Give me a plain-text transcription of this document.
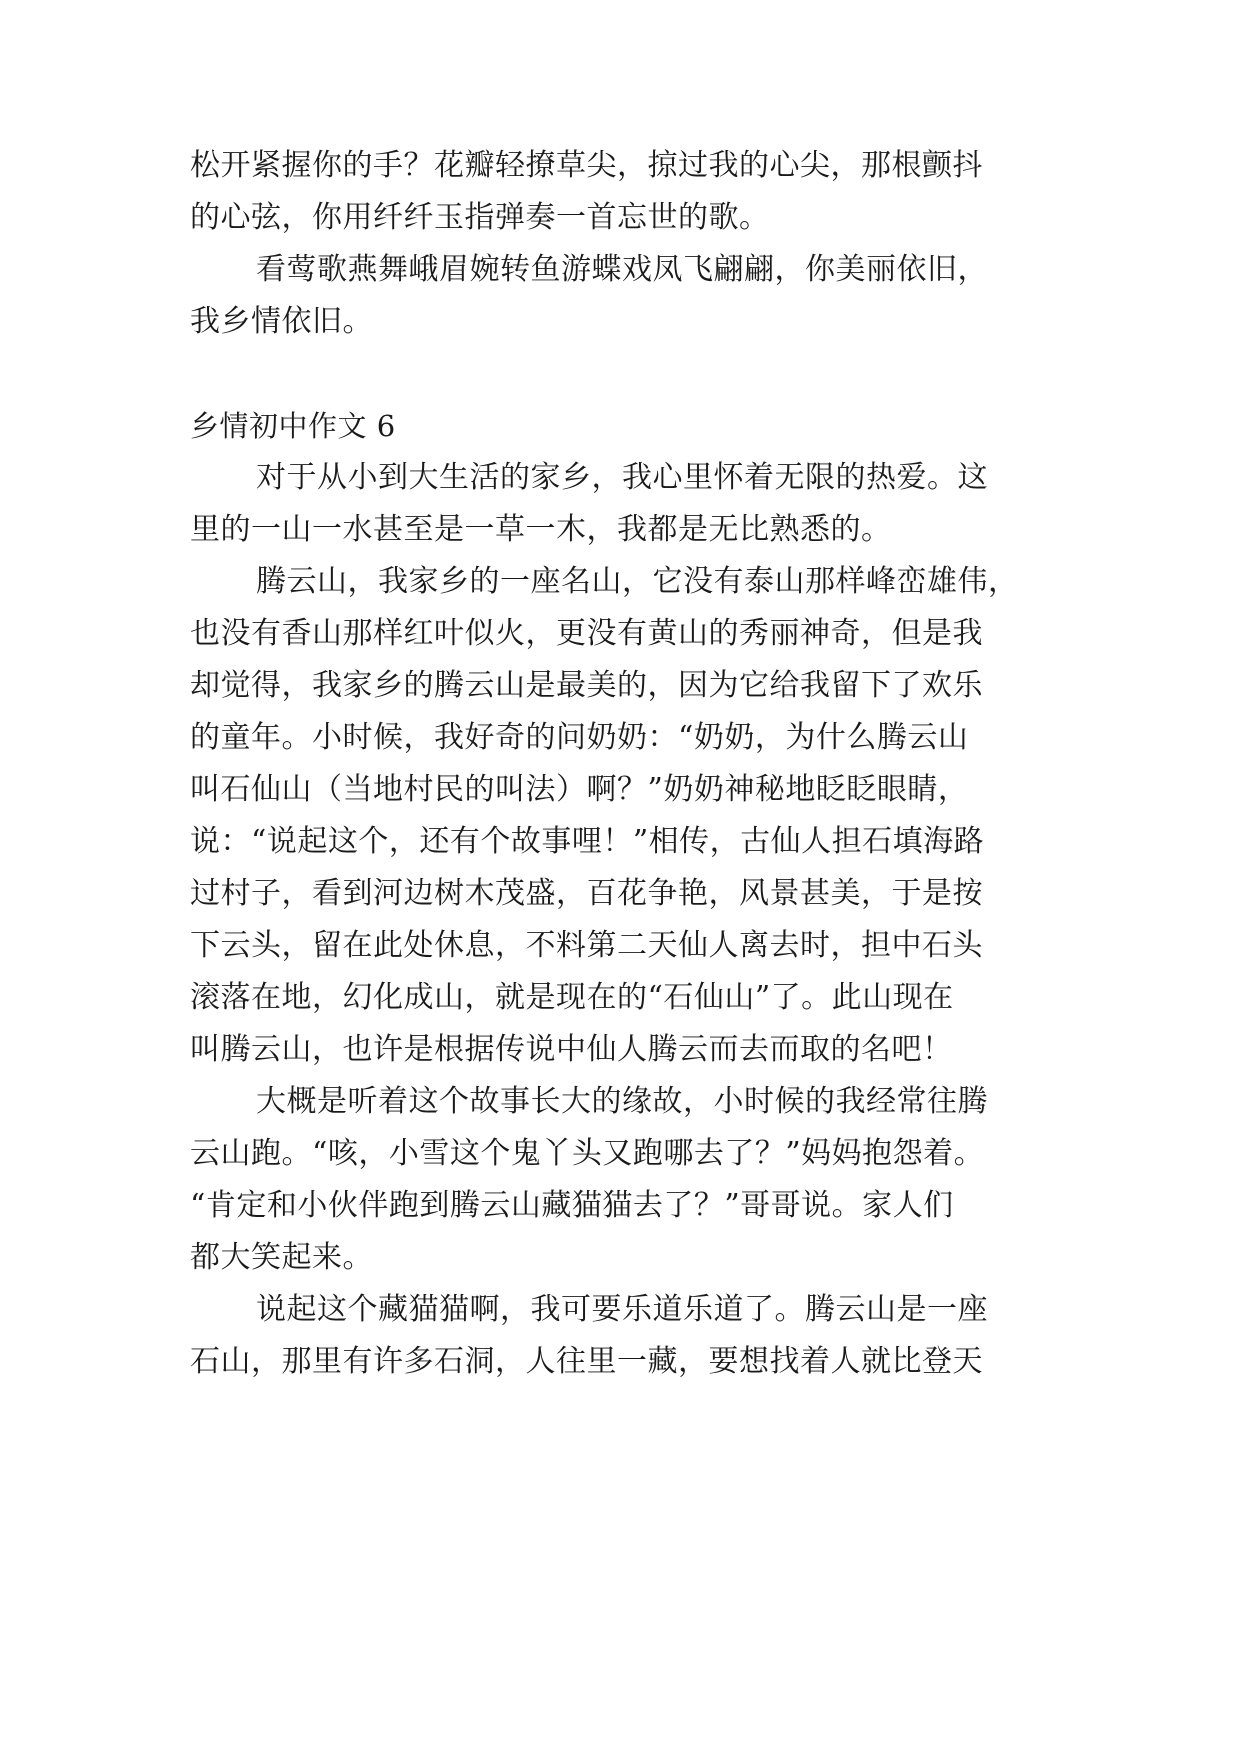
松开紧握你的手？花瓣轻撩草尖，掠过我的心尖，那根颤抖
的心弦，你用纤纤玉指弹奏一首忘世的歌。
看莺歌燕舞峨眉婉转鱼游蝶戏凤飞翩翩，你美丽依旧，
我乡情依旧。
乡情初中作文 6
对于从小到大生活的家乡，我心里怀着无限的热爱。这
里的一山一水甚至是一草一木，我都是无比熟悉的。
腾云山，我家乡的一座名山，它没有泰山那样峰峦雄伟，
也没有香山那样红叶似火，更没有黄山的秀丽神奇，但是我
却觉得，我家乡的腾云山是最美的，因为它给我留下了欢乐
的童年。小时候，我好奇的问奶奶：“奶奶，为什么腾云山
叫石仙山（当地村民的叫法）啊？”奶奶神秘地眨眨眼睛，
说：“说起这个，还有个故事哩！”相传，古仙人担石填海路
过村子，看到河边树木茂盛，百花争艳，风景甚美，于是按
下云头，留在此处休息，不料第二天仙人离去时，担中石头
滚落在地，幻化成山，就是现在的“石仙山”了。此山现在
叫腾云山，也许是根据传说中仙人腾云而去而取的名吧！
大概是听着这个故事长大的缘故，小时候的我经常往腾
云山跑。“咳，小雪这个鬼丫头又跑哪去了？”妈妈抱怨着。
“肯定和小伙伴跑到腾云山藏猫猫去了？”哥哥说。家人们
都大笑起来。
说起这个藏猫猫啊，我可要乐道乐道了。腾云山是一座
石山，那里有许多石洞，人往里一藏，要想找着人就比登天
